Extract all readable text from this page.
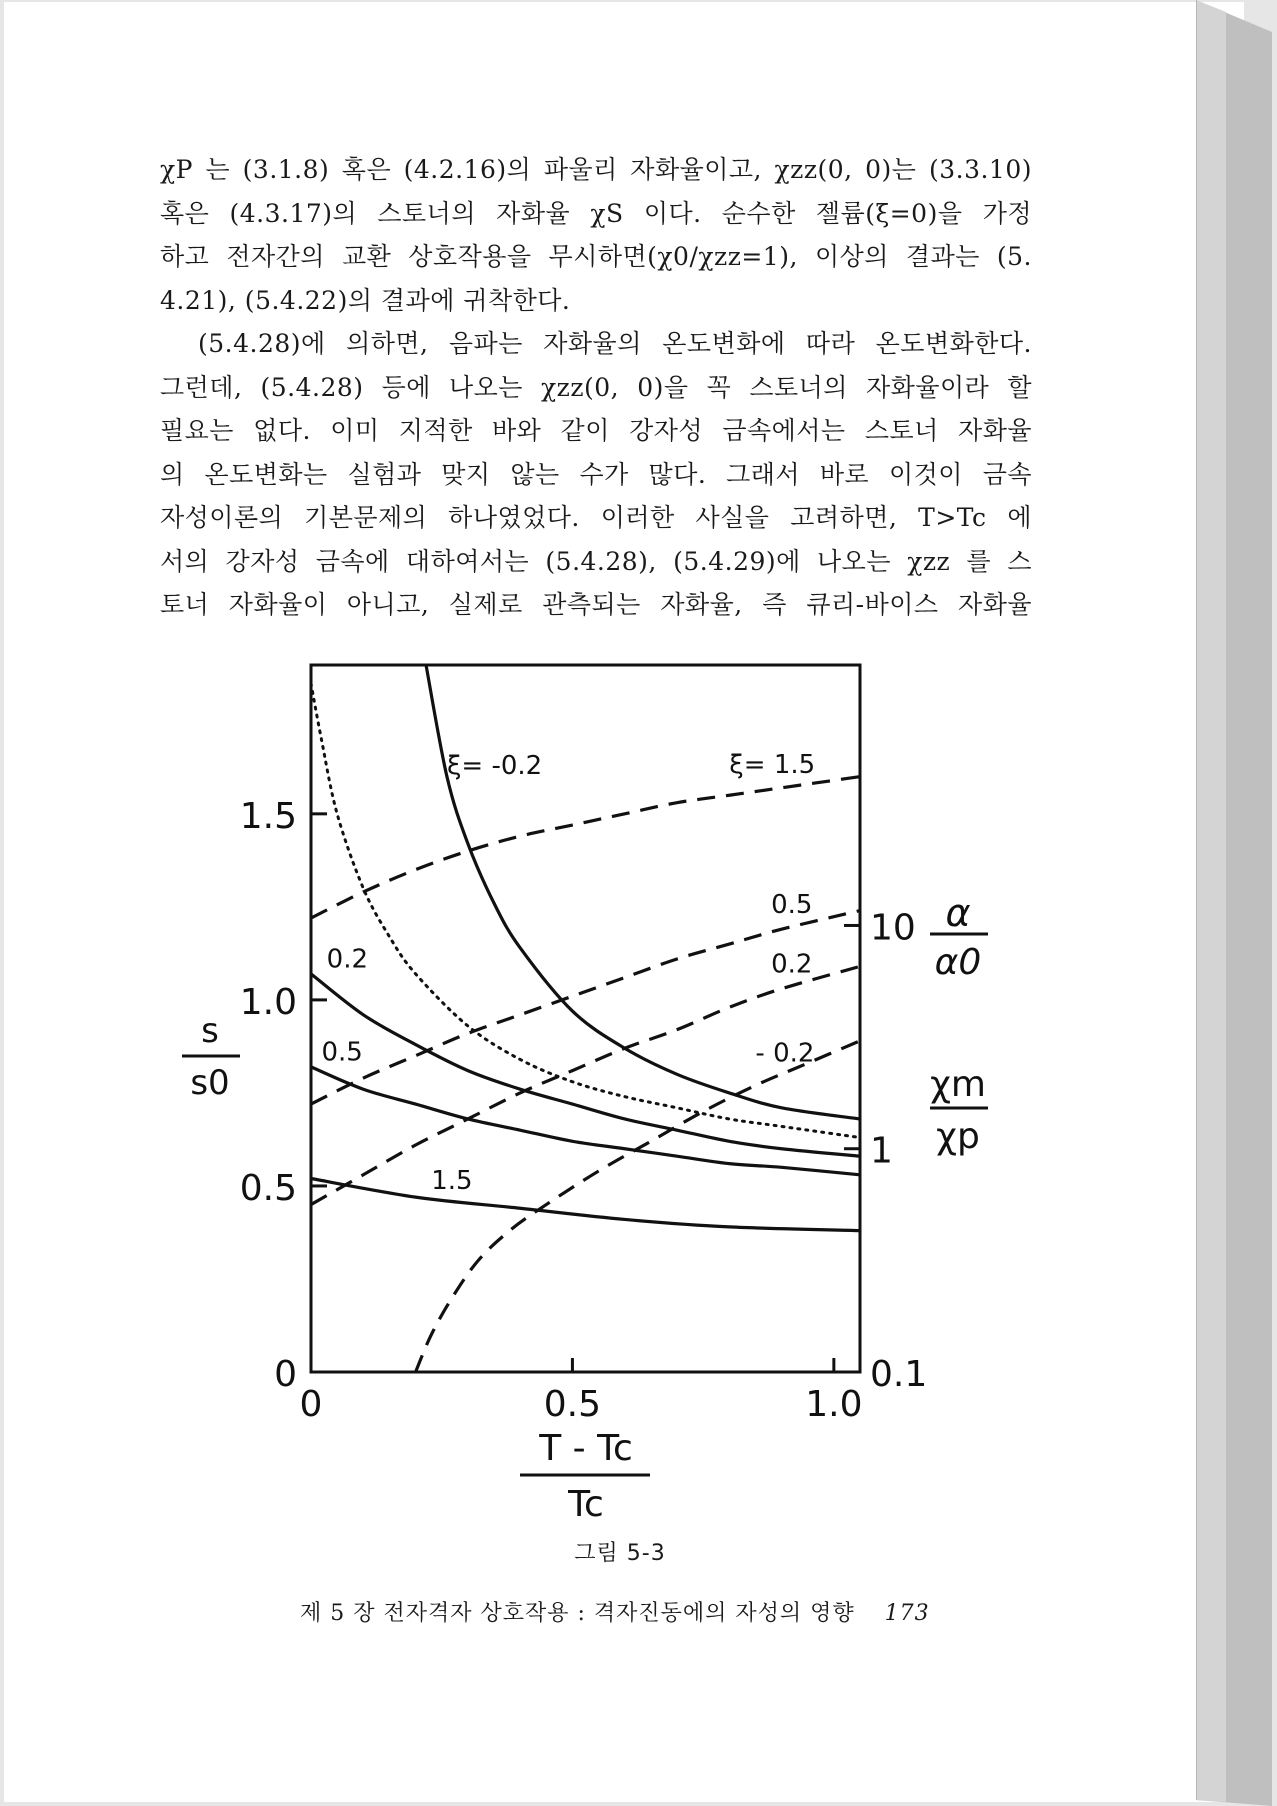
χP 는 (3.1.8) 혹은 (4.2.16)의 파울리 자화율이고, χzz(0, 0)는 (3.3.10)
혹은 (4.3.17)의 스토너의 자화율 χS 이다. 순수한 젤륨(ξ=0)을 가정
하고 전자간의 교환 상호작용을 무시하면(χ0/χzz=1), 이상의 결과는 (5.
4.21), (5.4.22)의 결과에 귀착한다.
(5.4.28)에 의하면, 음파는 자화율의 온도변화에 따라 온도변화한다.
그런데, (5.4.28) 등에 나오는 χzz(0, 0)을 꼭 스토너의 자화율이라 할
필요는 없다. 이미 지적한 바와 같이 강자성 금속에서는 스토너 자화율
의 온도변화는 실험과 맞지 않는 수가 많다. 그래서 바로 이것이 금속
자성이론의 기본문제의 하나였었다. 이러한 사실을 고려하면, T>Tc 에
서의 강자성 금속에 대하여서는 (5.4.28), (5.4.29)에 나오는 χzz 를 스
토너 자화율이 아니고, 실제로 관측되는 자화율, 즉 큐리-바이스 자화율
0
0.5
1.0
1.5
0	0.5	1.0
0.1
1
10
ξ= -0.2
0.2
0.5
1.5
ξ= 1.5
0.5
0.2
- 0.2
T - Tc
Tc
s
s0
α
α0
χm
χp
그림 5-3
제 5 장 전자격자 상호작용 : 격자진동에의 자성의 영향 173
